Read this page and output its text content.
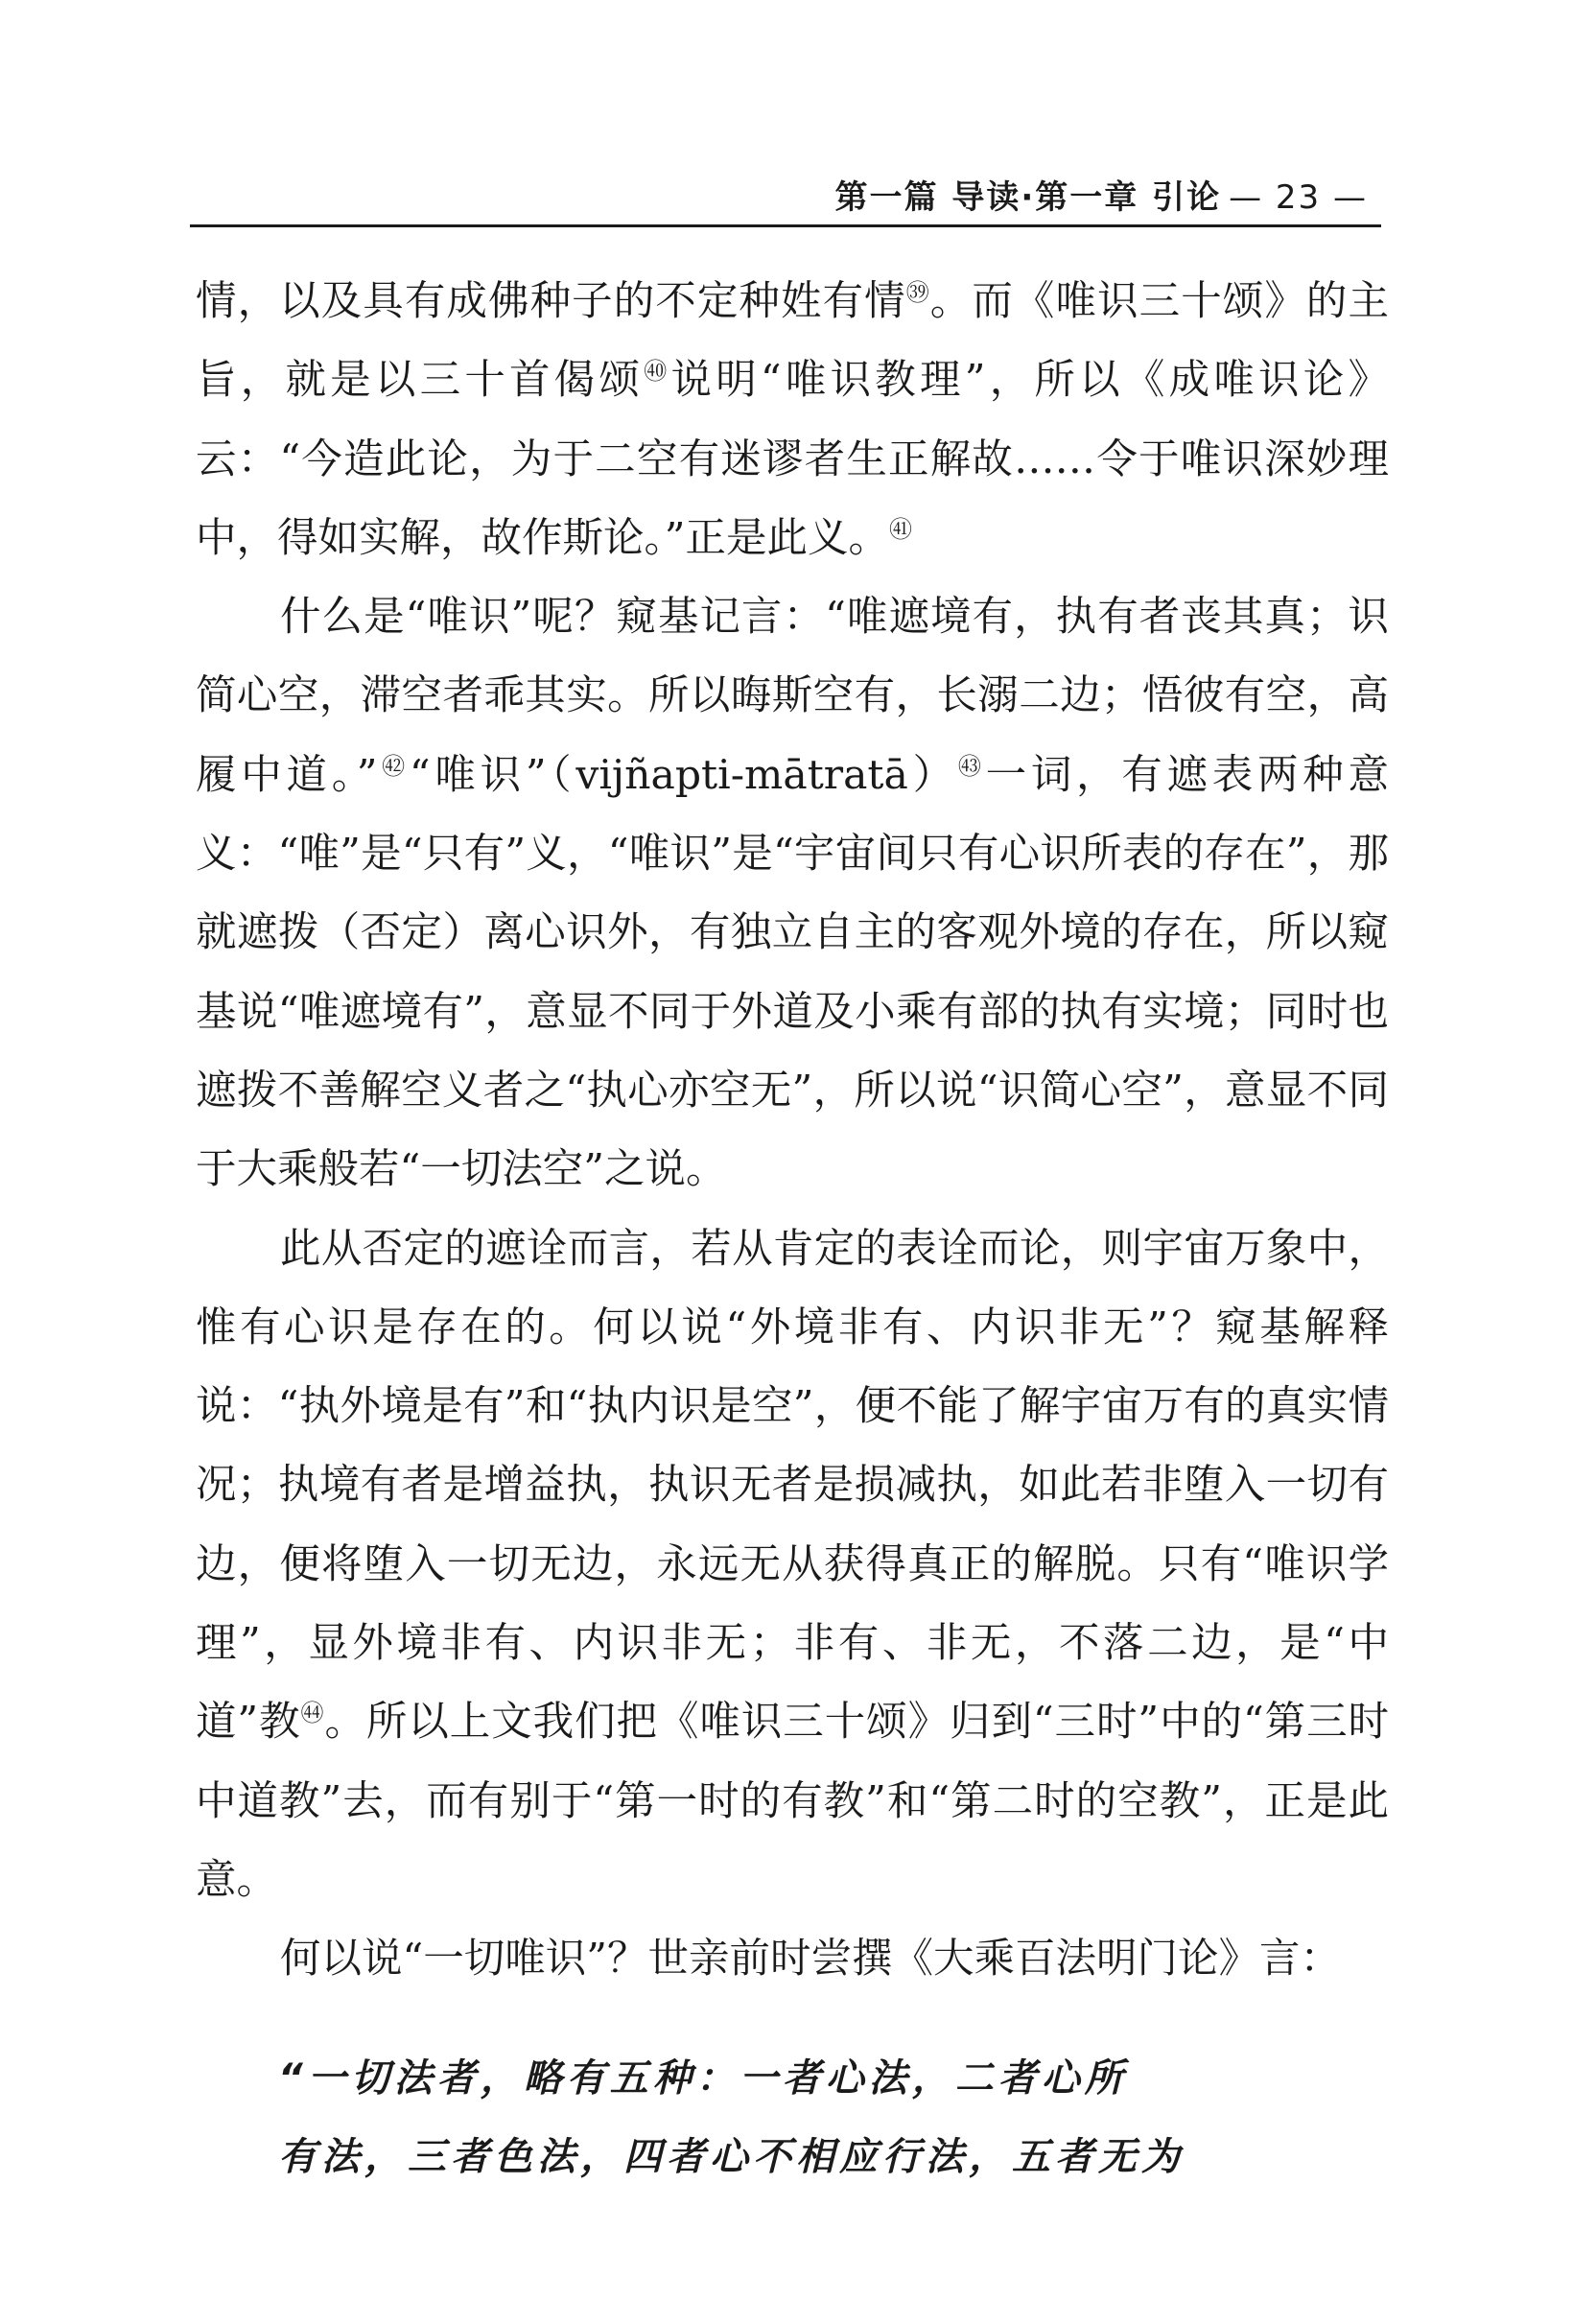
第一篇 导读·第一章 引论 — 23 —

情，以及具有成佛种子的不定种姓有情$^㊴$。而《唯识三十颂》的主旨，就是以三十首偈颂$^㊵$说明“唯识教理”，所以《成唯识论》云：“今造此论，为于二空有迷谬者生正解故……令于唯识深妙理中，得如实解，故作斯论。”正是此义。$^㊶$

什么是“唯识”呢？窥基记言：“唯遮境有，执有者丧其真；识简心空，滞空者乖其实。所以晦斯空有，长溺二边；悟彼有空，高履中道。”$^㊷$“唯识”（vijñapti-mātratā）$^㊸$一词，有遮表两种意义：“唯”是“只有”义，“唯识”是“宇宙间只有心识所表的存在”，那就遮拨（否定）离心识外，有独立自主的客观外境的存在，所以窥基说“唯遮境有”，意显不同于外道及小乘有部的执有实境；同时也遮拨不善解空义者之“执心亦空无”，所以说“识简心空”，意显不同于大乘般若“一切法空”之说。

此从否定的遮诠而言，若从肯定的表诠而论，则宇宙万象中，惟有心识是存在的。何以说“外境非有、内识非无”？窥基解释说：“执外境是有”和“执内识是空”，便不能了解宇宙万有的真实情况；执境有者是增益执，执识无者是损减执，如此若非堕入一切有边，便将堕入一切无边，永远无从获得真正的解脱。只有“唯识学理”，显外境非有、内识非无；非有、非无，不落二边，是“中道”教$^㊹$。所以上文我们把《唯识三十颂》归到“三时”中的“第三时中道教”去，而有别于“第一时的有教”和“第二时的空教”，正是此意。

何以说“一切唯识”？世亲前时尝撰《大乘百法明门论》言：

“一切法者，略有五种：一者心法，二者心所
有法，三者色法，四者心不相应行法，五者无为
